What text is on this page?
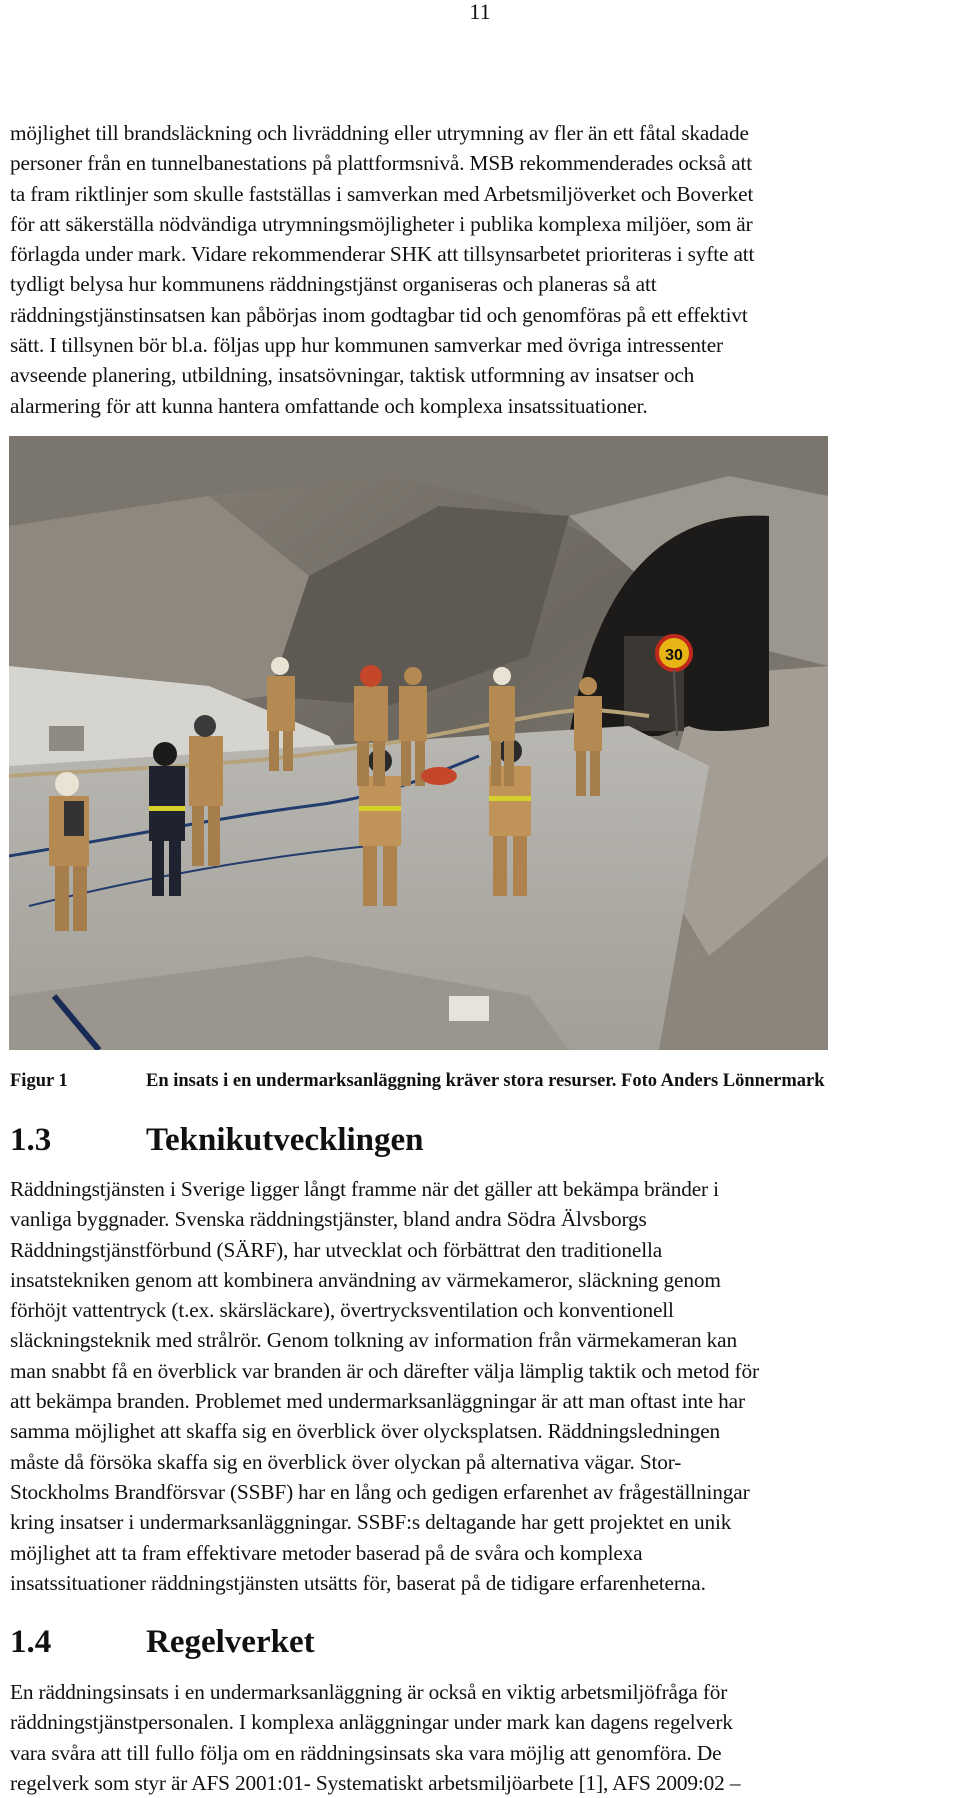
11
möjlighet till brandsläckning och livräddning eller utrymning av fler än ett fåtal skadade
personer från en tunnelbanestations på plattformsnivå. MSB rekommenderades också att
ta fram riktlinjer som skulle fastställas i samverkan med Arbetsmiljöverket och Boverket
för att säkerställa nödvändiga utrymningsmöjligheter i publika komplexa miljöer, som är
förlagda under mark. Vidare rekommenderar SHK att tillsynsarbetet prioriteras i syfte att
tydligt belysa hur kommunens räddningstjänst organiseras och planeras så att
räddningstjänstinsatsen kan påbörjas inom godtagbar tid och genomföras på ett effektivt
sätt. I tillsynen bör bl.a. följas upp hur kommunen samverkar med övriga intressenter
avseende planering, utbildning, insatsövningar, taktisk utformning av insatser och
alarmering för att kunna hantera omfattande och komplexa insatssituationer.
30
Figur 1	En insats i en undermarksanläggning kräver stora resurser. Foto Anders Lönnermark
1.3	Teknikutvecklingen
Räddningstjänsten i Sverige ligger långt framme när det gäller att bekämpa bränder i
vanliga byggnader. Svenska räddningstjänster, bland andra Södra Älvsborgs
Räddningstjänstförbund (SÄRF), har utvecklat och förbättrat den traditionella
insatstekniken genom att kombinera användning av värmekameror, släckning genom
förhöjt vattentryck (t.ex. skärsläckare), övertrycksventilation och konventionell
släckningsteknik med strålrör. Genom tolkning av information från värmekameran kan
man snabbt få en överblick var branden är och därefter välja lämplig taktik och metod för
att bekämpa branden. Problemet med undermarksanläggningar är att man oftast inte har
samma möjlighet att skaffa sig en överblick över olycksplatsen. Räddningsledningen
måste då försöka skaffa sig en överblick över olyckan på alternativa vägar. Stor-
Stockholms Brandförsvar (SSBF) har en lång och gedigen erfarenhet av frågeställningar
kring insatser i undermarksanläggningar. SSBF:s deltagande har gett projektet en unik
möjlighet att ta fram effektivare metoder baserad på de svåra och komplexa
insatssituationer räddningstjänsten utsätts för, baserat på de tidigare erfarenheterna.
1.4	Regelverket
En räddningsinsats i en undermarksanläggning är också en viktig arbetsmiljöfråga för
räddningstjänstpersonalen. I komplexa anläggningar under mark kan dagens regelverk
vara svåra att till fullo följa om en räddningsinsats ska vara möjlig att genomföra. De
regelverk som styr är AFS 2001:01- Systematiskt arbetsmiljöarbete [1], AFS 2009:02 –
